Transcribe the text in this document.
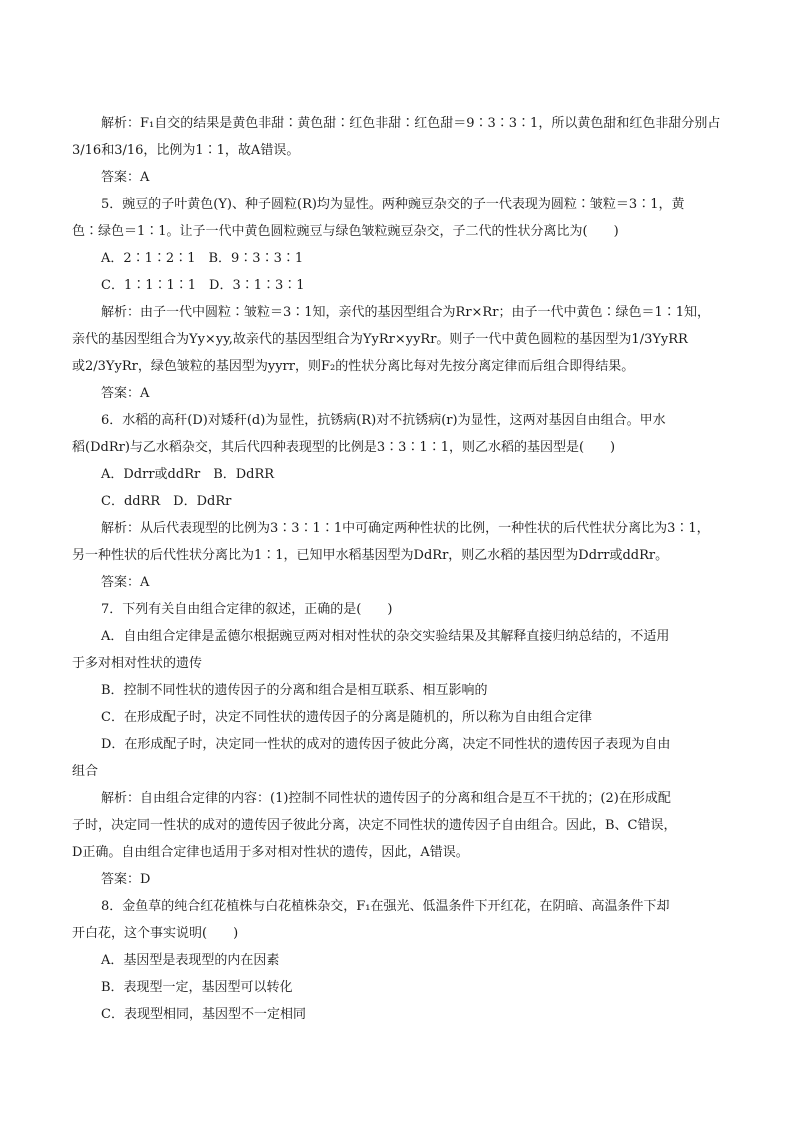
解析：F₁自交的结果是黄色非甜∶黄色甜∶红色非甜∶红色甜＝9∶3∶3∶1，所以黄色甜和红色非甜分别占
3/16和3/16，比例为1∶1，故A错误。
答案：A
5．豌豆的子叶黄色(Y)、种子圆粒(R)均为显性。两种豌豆杂交的子一代表现为圆粒∶皱粒＝3∶1，黄
色∶绿色＝1∶1。让子一代中黄色圆粒豌豆与绿色皱粒豌豆杂交，子二代的性状分离比为(　　)
A．2∶1∶2∶1　B．9∶3∶3∶1
C．1∶1∶1∶1　D．3∶1∶3∶1
解析：由子一代中圆粒∶皱粒＝3∶1知，亲代的基因型组合为Rr×Rr；由子一代中黄色∶绿色＝1∶1知，
亲代的基因型组合为Yy×yy,故亲代的基因型组合为YyRr×yyRr。则子一代中黄色圆粒的基因型为1/3YyRR
或2/3YyRr，绿色皱粒的基因型为yyrr，则F₂的性状分离比每对先按分离定律而后组合即得结果。
答案：A
6．水稻的高秆(D)对矮秆(d)为显性，抗锈病(R)对不抗锈病(r)为显性，这两对基因自由组合。甲水
稻(DdRr)与乙水稻杂交，其后代四种表现型的比例是3∶3∶1∶1，则乙水稻的基因型是(　　)
A．Ddrr或ddRr　B．DdRR
C．ddRR　D．DdRr
解析：从后代表现型的比例为3∶3∶1∶1中可确定两种性状的比例，一种性状的后代性状分离比为3∶1，
另一种性状的后代性状分离比为1∶1，已知甲水稻基因型为DdRr，则乙水稻的基因型为Ddrr或ddRr。
答案：A
7．下列有关自由组合定律的叙述，正确的是(　　)
A．自由组合定律是孟德尔根据豌豆两对相对性状的杂交实验结果及其解释直接归纳总结的，不适用
于多对相对性状的遗传
B．控制不同性状的遗传因子的分离和组合是相互联系、相互影响的
C．在形成配子时，决定不同性状的遗传因子的分离是随机的，所以称为自由组合定律
D．在形成配子时，决定同一性状的成对的遗传因子彼此分离，决定不同性状的遗传因子表现为自由
组合
解析：自由组合定律的内容：(1)控制不同性状的遗传因子的分离和组合是互不干扰的；(2)在形成配
子时，决定同一性状的成对的遗传因子彼此分离，决定不同性状的遗传因子自由组合。因此，B、C错误，
D正确。自由组合定律也适用于多对相对性状的遗传，因此，A错误。
答案：D
8．金鱼草的纯合红花植株与白花植株杂交，F₁在强光、低温条件下开红花，在阴暗、高温条件下却
开白花，这个事实说明(　　)
A．基因型是表现型的内在因素
B．表现型一定，基因型可以转化
C．表现型相同，基因型不一定相同
